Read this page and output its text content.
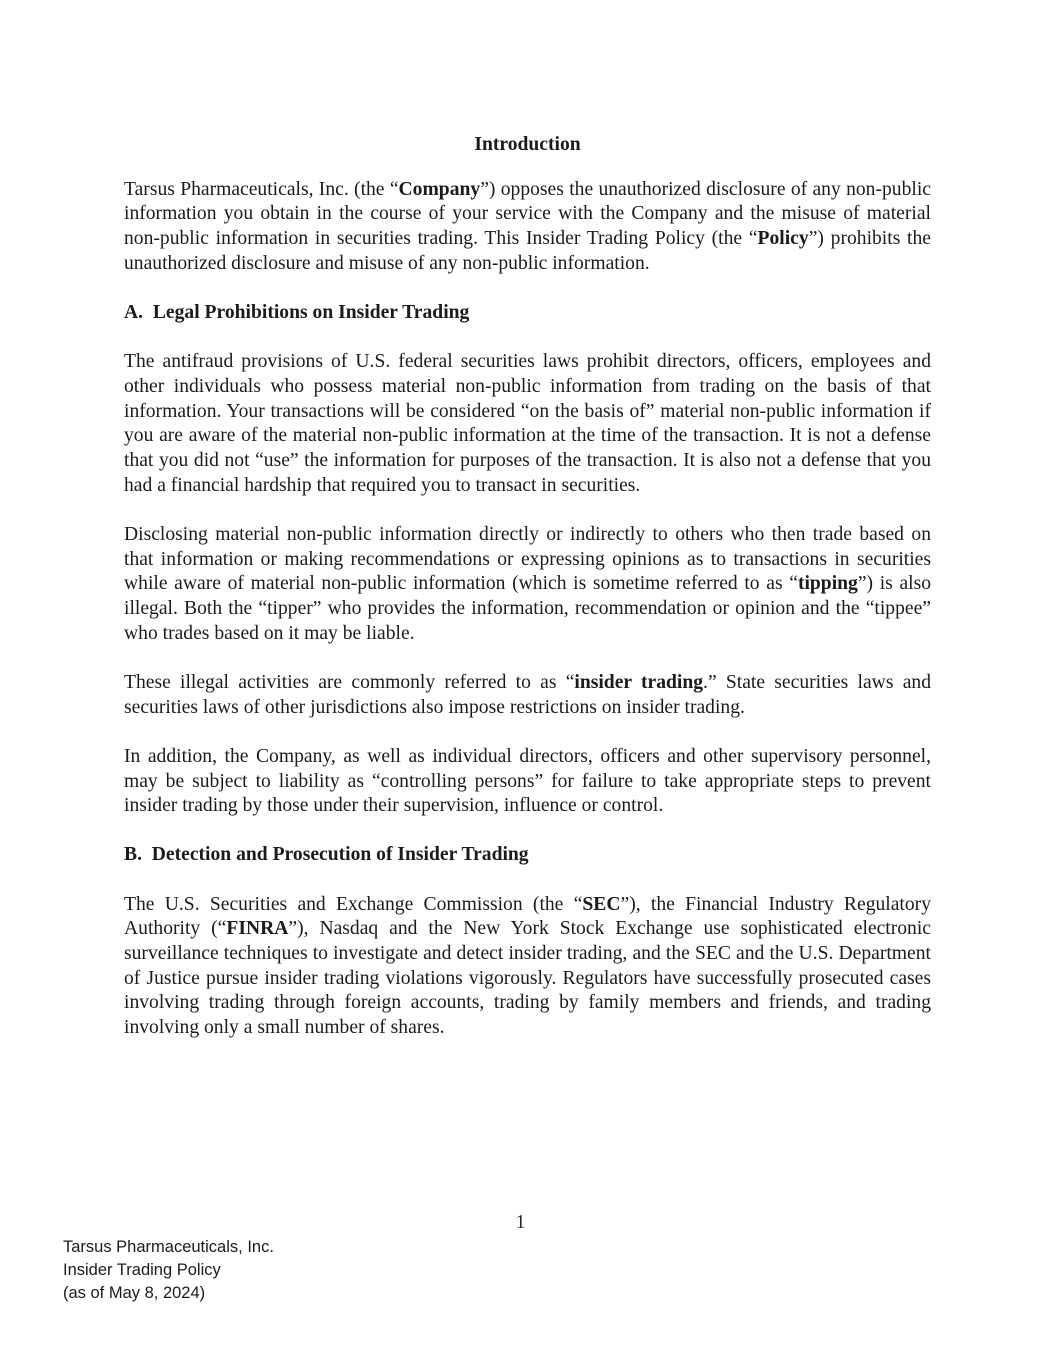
Introduction

Tarsus Pharmaceuticals, Inc. (the “Company”) opposes the unauthorized disclosure of any non-public information you obtain in the course of your service with the Company and the misuse of material non-public information in securities trading. This Insider Trading Policy (the “Policy”) prohibits the unauthorized disclosure and misuse of any non-public information.

A.  Legal Prohibitions on Insider Trading

The antifraud provisions of U.S. federal securities laws prohibit directors, officers, employees and other individuals who possess material non-public information from trading on the basis of that information. Your transactions will be considered “on the basis of” material non-public information if you are aware of the material non-public information at the time of the transaction. It is not a defense that you did not “use” the information for purposes of the transaction. It is also not a defense that you had a financial hardship that required you to transact in securities.

Disclosing material non-public information directly or indirectly to others who then trade based on that information or making recommendations or expressing opinions as to transactions in securities while aware of material non-public information (which is sometime referred to as “tipping”) is also illegal. Both the “tipper” who provides the information, recommendation or opinion and the “tippee” who trades based on it may be liable.

These illegal activities are commonly referred to as “insider trading.” State securities laws and securities laws of other jurisdictions also impose restrictions on insider trading.

In addition, the Company, as well as individual directors, officers and other supervisory personnel, may be subject to liability as “controlling persons” for failure to take appropriate steps to prevent insider trading by those under their supervision, influence or control.

B.  Detection and Prosecution of Insider Trading

The U.S. Securities and Exchange Commission (the “SEC”), the Financial Industry Regulatory Authority (“FINRA”), Nasdaq and the New York Stock Exchange use sophisticated electronic surveillance techniques to investigate and detect insider trading, and the SEC and the U.S. Department of Justice pursue insider trading violations vigorously. Regulators have successfully prosecuted cases involving trading through foreign accounts, trading by family members and friends, and trading involving only a small number of shares.

1
Tarsus Pharmaceuticals, Inc.
Insider Trading Policy
(as of May 8, 2024)
